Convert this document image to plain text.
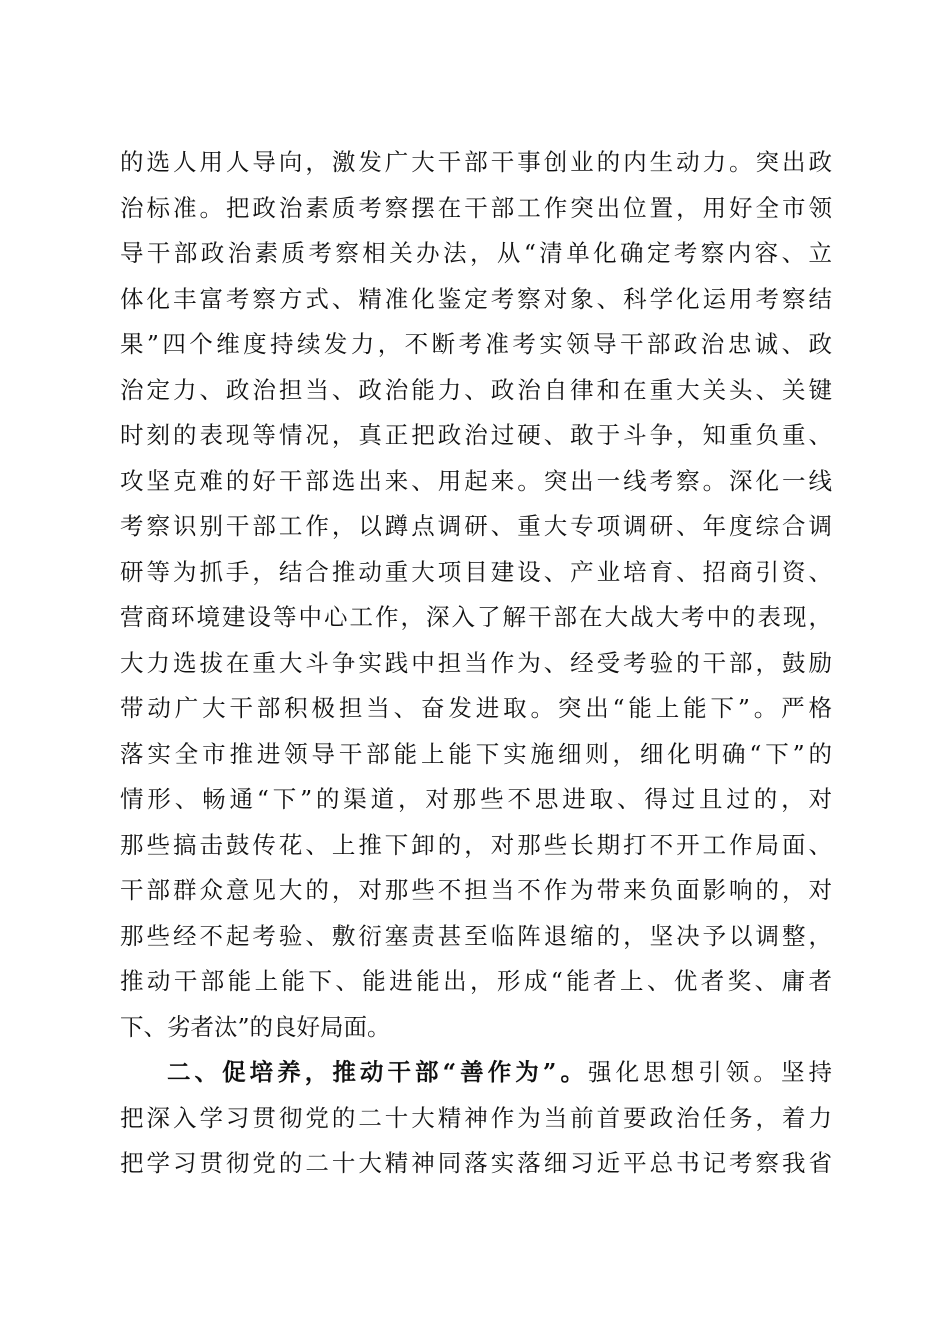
的选人用人导向，激发广大干部干事创业的内生动力。突出政
治标准。把政治素质考察摆在干部工作突出位置，用好全市领
导干部政治素质考察相关办法，从“清单化确定考察内容、立
体化丰富考察方式、精准化鉴定考察对象、科学化运用考察结
果”四个维度持续发力，不断考准考实领导干部政治忠诚、政
治定力、政治担当、政治能力、政治自律和在重大关头、关键
时刻的表现等情况，真正把政治过硬、敢于斗争，知重负重、
攻坚克难的好干部选出来、用起来。突出一线考察。深化一线
考察识别干部工作，以蹲点调研、重大专项调研、年度综合调
研等为抓手，结合推动重大项目建设、产业培育、招商引资、
营商环境建设等中心工作，深入了解干部在大战大考中的表现，
大力选拔在重大斗争实践中担当作为、经受考验的干部，鼓励
带动广大干部积极担当、奋发进取。突出“能上能下”。严格
落实全市推进领导干部能上能下实施细则，细化明确“下”的
情形、畅通“下”的渠道，对那些不思进取、得过且过的，对
那些搞击鼓传花、上推下卸的，对那些长期打不开工作局面、
干部群众意见大的，对那些不担当不作为带来负面影响的，对
那些经不起考验、敷衍塞责甚至临阵退缩的，坚决予以调整，
推动干部能上能下、能进能出，形成“能者上、优者奖、庸者
下、劣者汰”的良好局面。
二、促培养，推动干部“善作为”。强化思想引领。坚持
把深入学习贯彻党的二十大精神作为当前首要政治任务，着力
把学习贯彻党的二十大精神同落实落细习近平总书记考察我省
